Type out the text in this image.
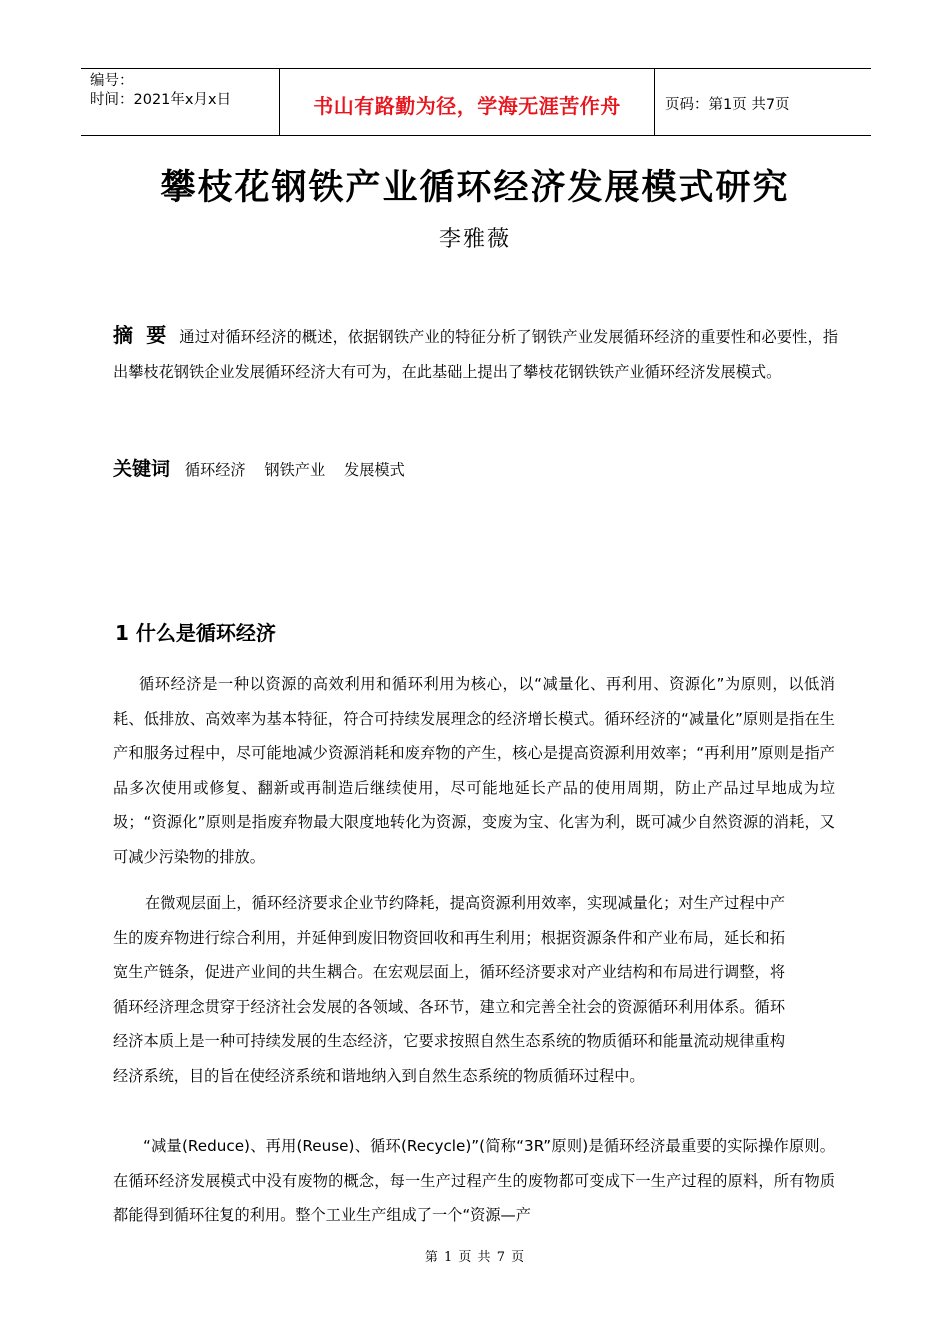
编号：
时间：2021年x月x日	书山有路勤为径，学海无涯苦作舟	页码：第1页 共7页
攀枝花钢铁产业循环经济发展模式研究
李雅薇
摘 要 通过对循环经济的概述，依据钢铁产业的特征分析了钢铁产业发展循环经济的重要性和必要性，指出攀枝花钢铁企业发展循环经济大有可为，在此基础上提出了攀枝花钢铁铁产业循环经济发展模式。
关键词 循环经济 钢铁产业 发展模式
1 什么是循环经济
循环经济是一种以资源的高效利用和循环利用为核心，以“减量化、再利用、资源化”为原则，以低消耗、低排放、高效率为基本特征，符合可持续发展理念的经济增长模式。循环经济的“减量化”原则是指在生产和服务过程中，尽可能地减少资源消耗和废弃物的产生，核心是提高资源利用效率；“再利用”原则是指产品多次使用或修复、翻新或再制造后继续使用，尽可能地延长产品的使用周期，防止产品过早地成为垃圾；“资源化”原则是指废弃物最大限度地转化为资源，变废为宝、化害为利，既可减少自然资源的消耗，又可减少污染物的排放。
在微观层面上，循环经济要求企业节约降耗，提高资源利用效率，实现减量化；对生产过程中产生的废弃物进行综合利用，并延伸到废旧物资回收和再生利用；根据资源条件和产业布局，延长和拓宽生产链条，促进产业间的共生耦合。在宏观层面上，循环经济要求对产业结构和布局进行调整，将循环经济理念贯穿于经济社会发展的各领域、各环节，建立和完善全社会的资源循环利用体系。循环经济本质上是一种可持续发展的生态经济，它要求按照自然生态系统的物质循环和能量流动规律重构经济系统，目的旨在使经济系统和谐地纳入到自然生态系统的物质循环过程中。
“减量(Reduce)、再用(Reuse)、循环(Recycle)”(简称“3R”原则)是循环经济最重要的实际操作原则。在循环经济发展模式中没有废物的概念，每一生产过程产生的废物都可变成下一生产过程的原料，所有物质都能得到循环往复的利用。整个工业生产组成了一个“资源—产
第 1 页 共 7 页
